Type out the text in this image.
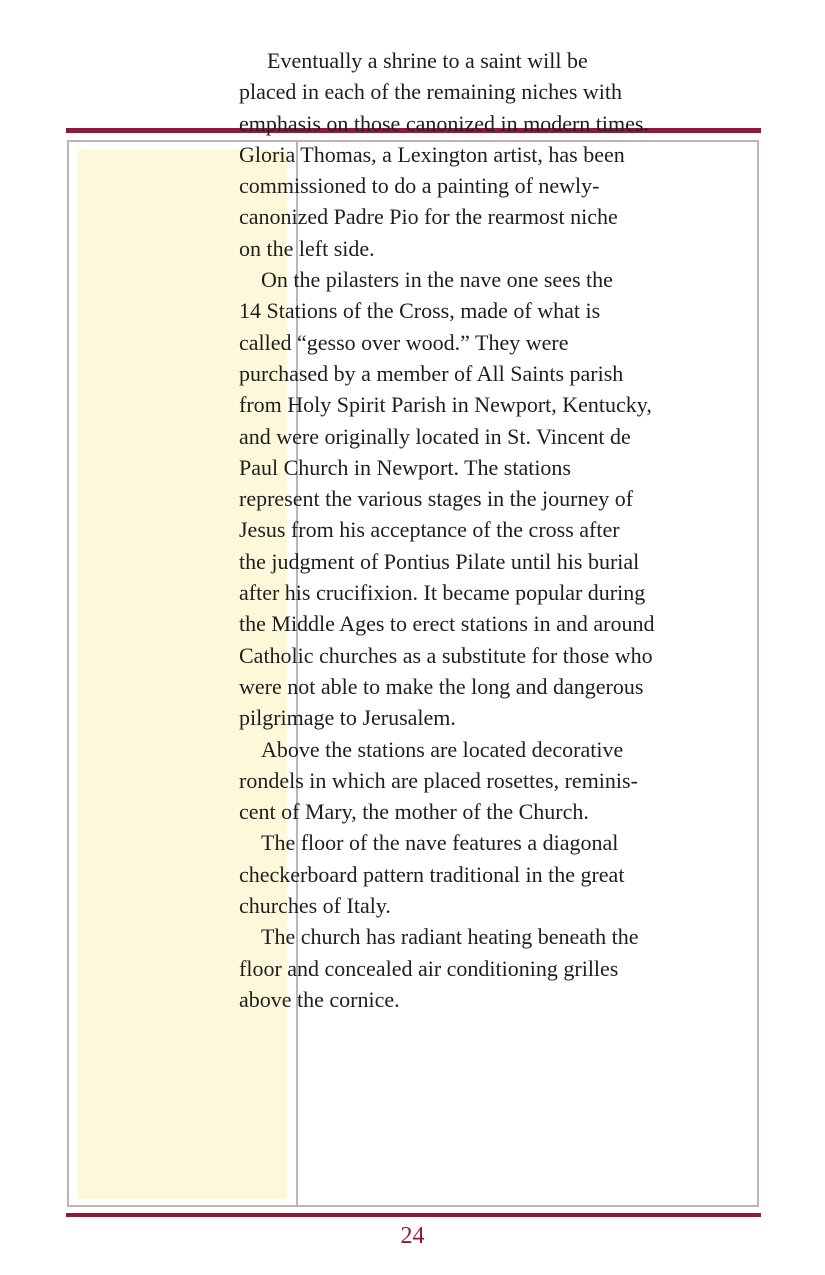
Eventually a shrine to a saint will be
placed in each of the remaining niches with
emphasis on those canonized in modern times.
Gloria Thomas, a Lexington artist, has been
commissioned to do a painting of newly-
canonized Padre Pio for the rearmost niche
on the left side.

On the pilasters in the nave one sees the
14 Stations of the Cross, made of what is
called “gesso over wood.” They were
purchased by a member of All Saints parish
from Holy Spirit Parish in Newport, Kentucky,
and were originally located in St. Vincent de
Paul Church in Newport. The stations
represent the various stages in the journey of
Jesus from his acceptance of the cross after
the judgment of Pontius Pilate until his burial
after his crucifixion. It became popular during
the Middle Ages to erect stations in and around
Catholic churches as a substitute for those who
were not able to make the long and dangerous
pilgrimage to Jerusalem.

Above the stations are located decorative
rondels in which are placed rosettes, reminis-
cent of Mary, the mother of the Church.

The floor of the nave features a diagonal
checkerboard pattern traditional in the great
churches of Italy.

The church has radiant heating beneath the
floor and concealed air conditioning grilles
above the cornice.

24
